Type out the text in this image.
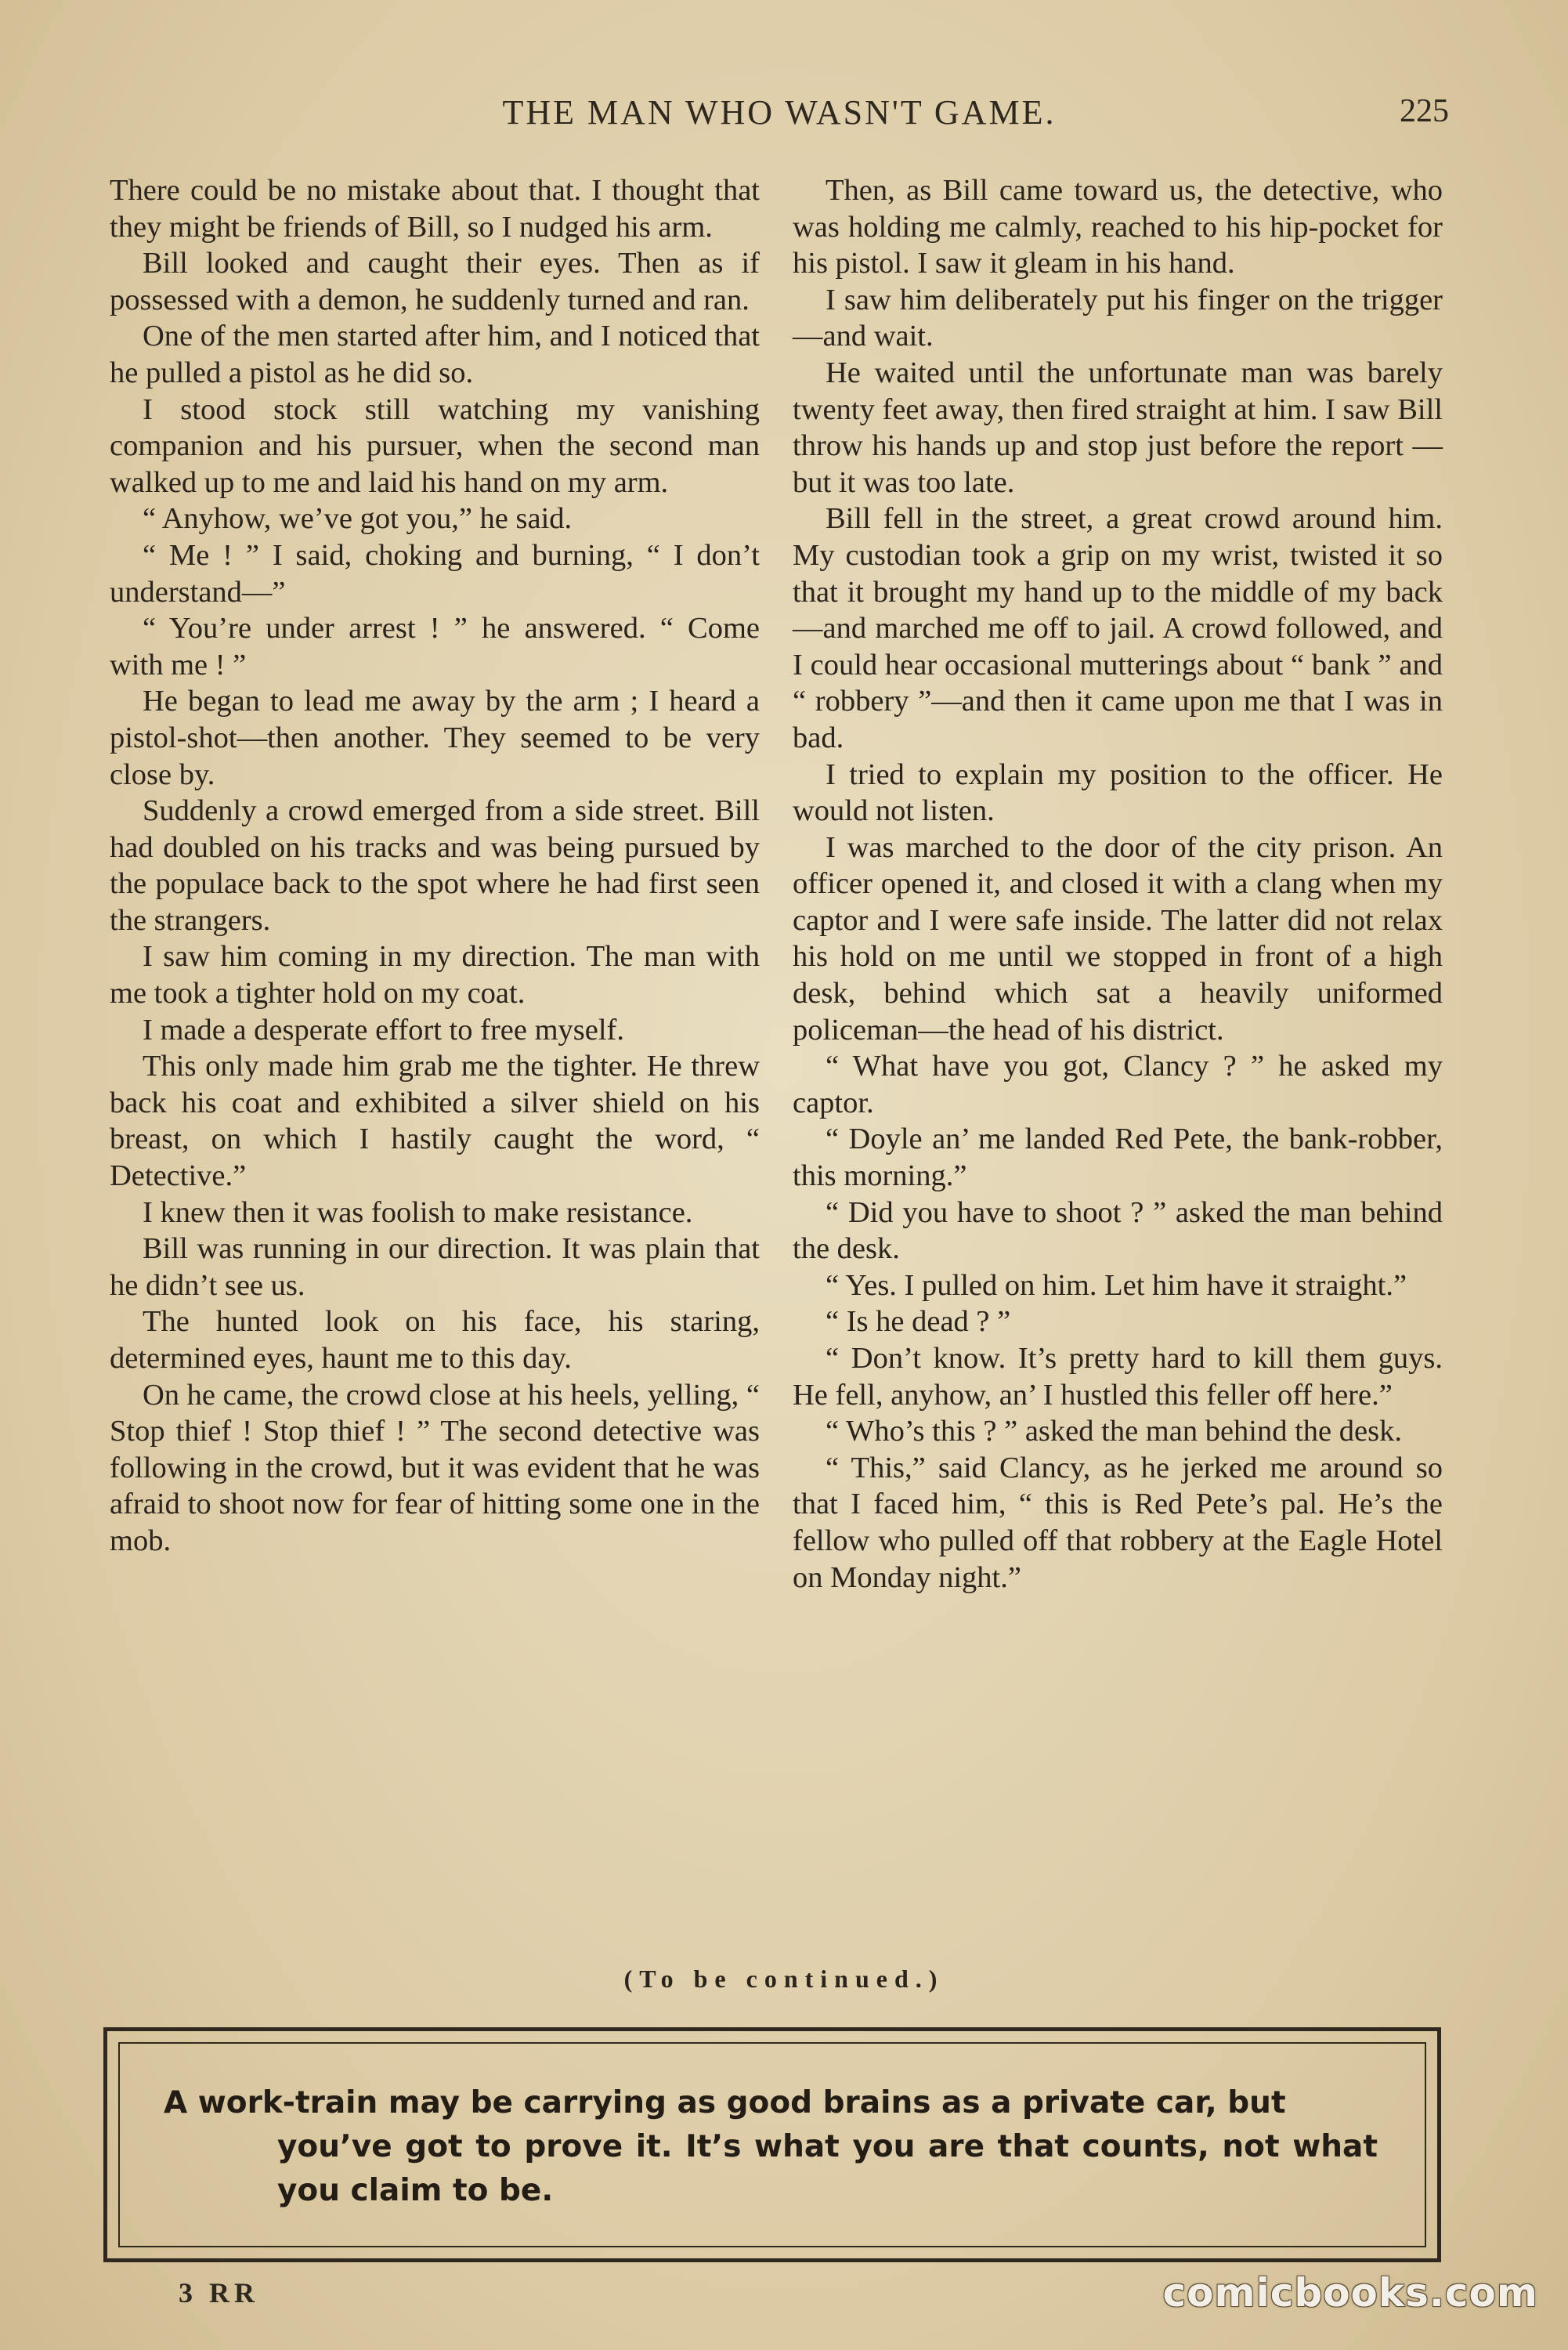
THE MAN WHO WASN'T GAME.	225

There could be no mistake about that. I thought that they might be friends of Bill, so I nudged his arm.

Bill looked and caught their eyes. Then as if possessed with a demon, he suddenly turned and ran.

One of the men started after him, and I noticed that he pulled a pistol as he did so.

I stood stock still watching my vanishing companion and his pursuer, when the second man walked up to me and laid his hand on my arm.

“ Anyhow, we’ve got you,” he said.

“ Me ! ” I said, choking and burning, “ I don’t understand—”

“ You’re under arrest ! ” he answered. “ Come with me ! ”

He began to lead me away by the arm ; I heard a pistol-shot—then another. They seemed to be very close by.

Suddenly a crowd emerged from a side street. Bill had doubled on his tracks and was being pursued by the populace back to the spot where he had first seen the strangers.

I saw him coming in my direction. The man with me took a tighter hold on my coat.

I made a desperate effort to free myself.

This only made him grab me the tighter. He threw back his coat and exhibited a silver shield on his breast, on which I hastily caught the word, “ Detective.”

I knew then it was foolish to make resistance.

Bill was running in our direction. It was plain that he didn’t see us.

The hunted look on his face, his staring, determined eyes, haunt me to this day.

On he came, the crowd close at his heels, yelling, “ Stop thief ! Stop thief ! ” The second detective was following in the crowd, but it was evident that he was afraid to shoot now for fear of hitting some one in the mob.

Then, as Bill came toward us, the detective, who was holding me calmly, reached to his hip-pocket for his pistol. I saw it gleam in his hand.

I saw him deliberately put his finger on the trigger—and wait.

He waited until the unfortunate man was barely twenty feet away, then fired straight at him. I saw Bill throw his hands up and stop just before the report —but it was too late.

Bill fell in the street, a great crowd around him. My custodian took a grip on my wrist, twisted it so that it brought my hand up to the middle of my back—and marched me off to jail. A crowd followed, and I could hear occasional mutterings about “ bank ” and “ robbery ”—and then it came upon me that I was in bad.

I tried to explain my position to the officer. He would not listen.

I was marched to the door of the city prison. An officer opened it, and closed it with a clang when my captor and I were safe inside. The latter did not relax his hold on me until we stopped in front of a high desk, behind which sat a heavily uniformed policeman—the head of his district.

“ What have you got, Clancy ? ” he asked my captor.

“ Doyle an’ me landed Red Pete, the bank-robber, this morning.”

“ Did you have to shoot ? ” asked the man behind the desk.

“ Yes. I pulled on him. Let him have it straight.”

“ Is he dead ? ”

“ Don’t know. It’s pretty hard to kill them guys. He fell, anyhow, an’ I hustled this feller off here.”

“ Who’s this ? ” asked the man behind the desk.

“ This,” said Clancy, as he jerked me around so that I faced him, “ this is Red Pete’s pal. He’s the fellow who pulled off that robbery at the Eagle Hotel on Monday night.”

(To be continued.)
A work-train may be carrying as good brains as a private car, but
you’ve got to prove it. It’s what you are that counts, not what you claim to be.
3 RR	comicbooks.com
